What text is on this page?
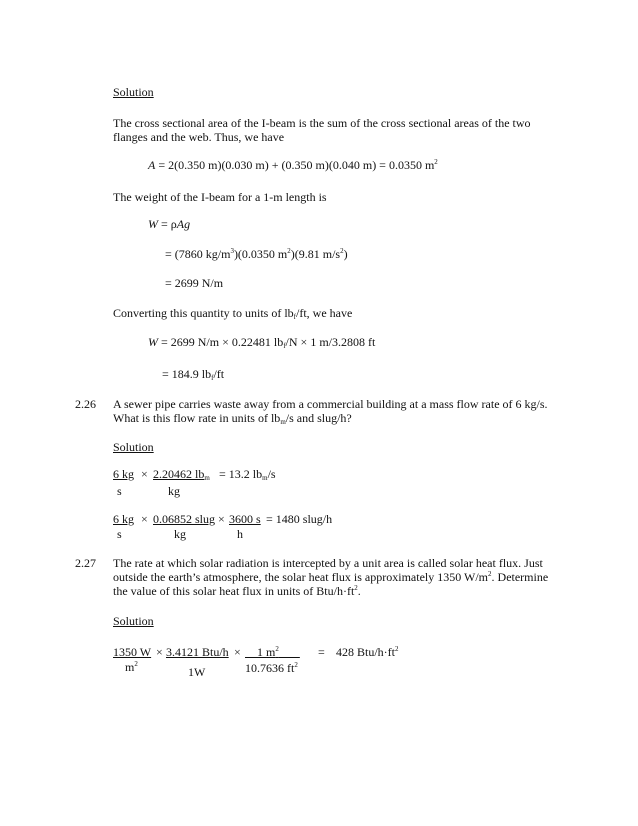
Solution
The cross sectional area of the I-beam is the sum of the cross sectional areas of the two
flanges and the web. Thus, we have
A = 2(0.350 m)(0.030 m) + (0.350 m)(0.040 m) = 0.0350 $m^2$
The weight of the I-beam for a 1-m length is
W = ρAg
= (7860 $kg/m^3)(0.0350$ $m^2)(9.81$ $m/s^2$)
= 2699 N/m
Converting this quantity to units of $lb_f/ft$, we have
W = 2699 N/m × 0.22481 $lb_f/N \times 1$ m/3.2808 ft
= 184.9 $lb_f/ft$
2.26 A sewer pipe carries waste away from a commercial building at a mass flow rate of 6 kg/s.
What is this flow rate in units of $lb_m/s$ and slug/h?
Solution
6 kg
s
× 2.20462 $lb_m$
kg
= 13.2 $lb_m/s$
6 kg
s
× 0.06852 slug
kg
× 3600 s
h
= 1480 slug/h
2.27 The rate at which solar radiation is intercepted by a unit area is called solar heat flux. Just
outside the earth’s atmosphere, the solar heat flux is approximately 1350 $W/m^2$. Determine
the value of this solar heat flux in units of Btu/$h\cdot ft^2$.
Solution
1350 W
$m^2$
× 3.4121 Btu/h
1W
×	1 $m^2$
10.7636 $ft^2$
= 428 Btu/$h\cdot ft^2$
